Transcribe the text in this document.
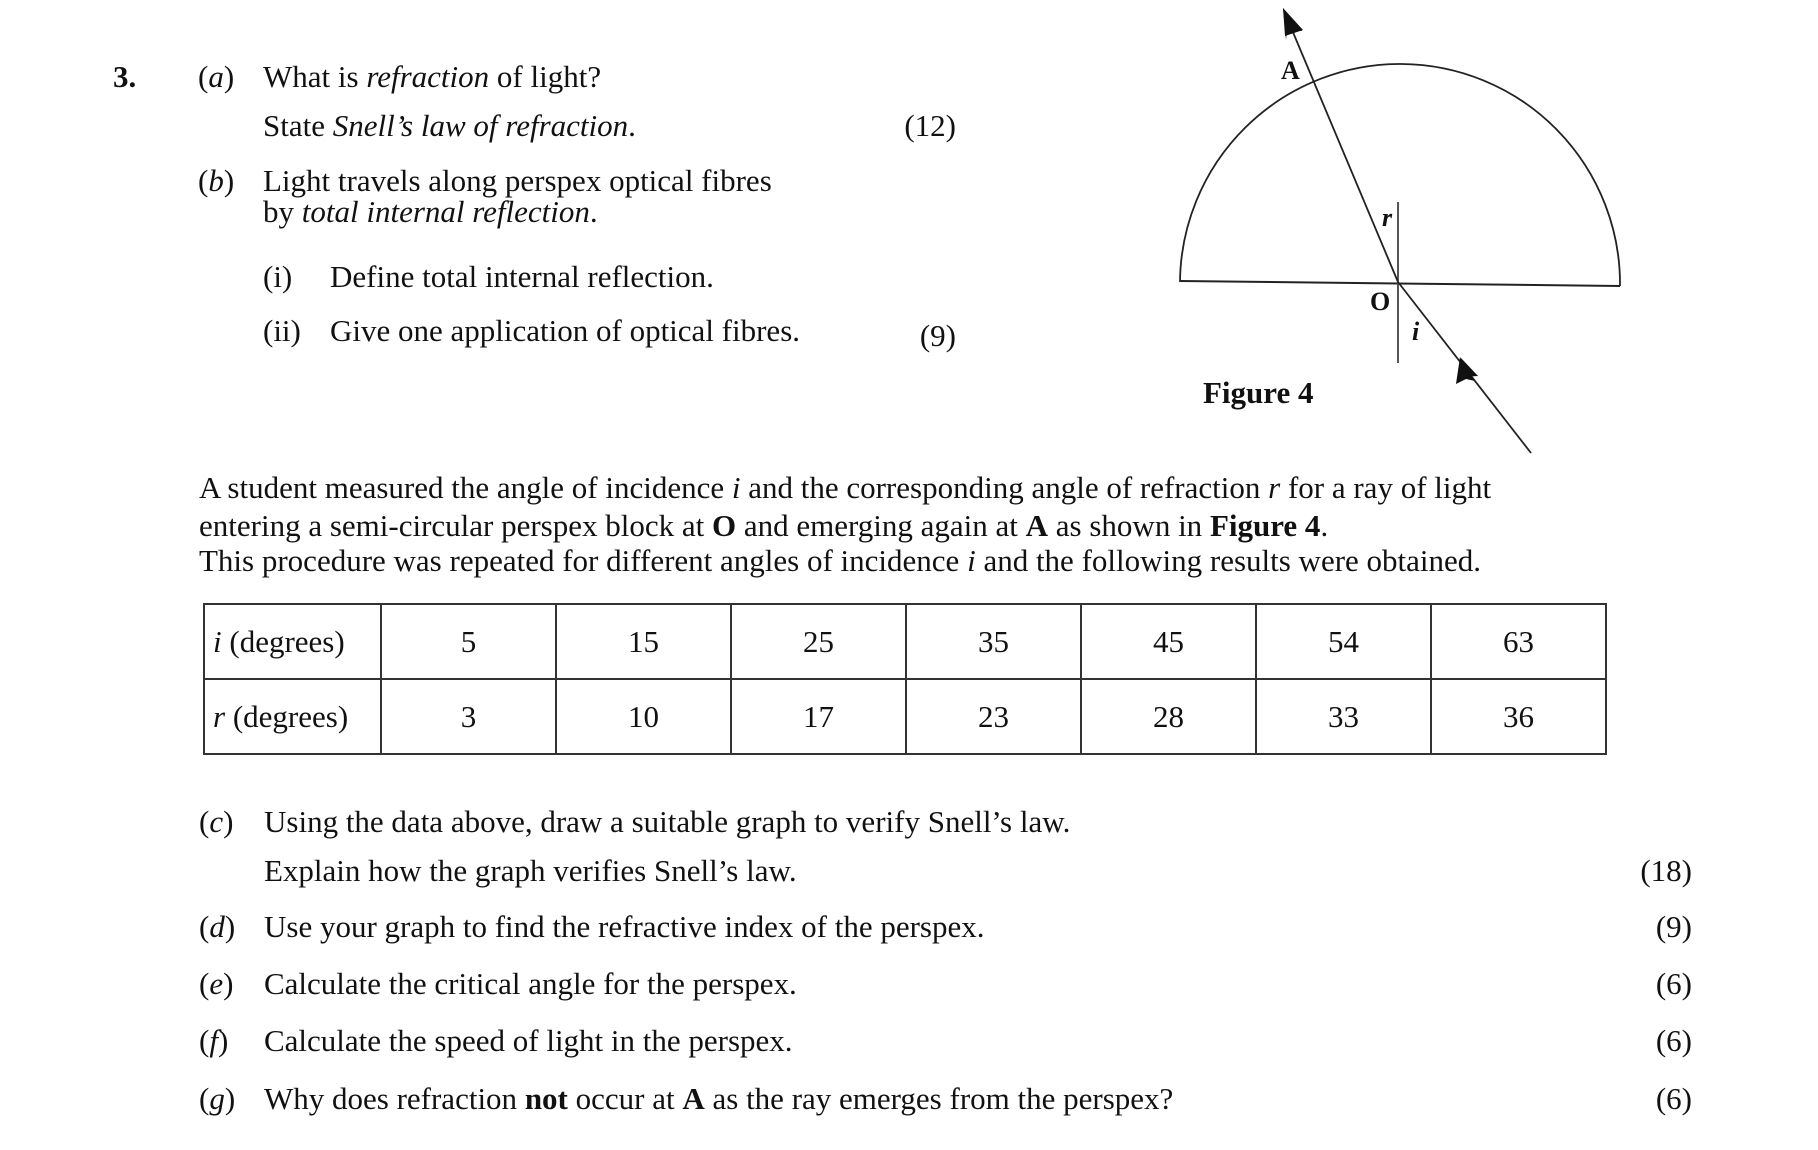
3. (a) What is refraction of light?
State Snell’s law of refraction.	(12)
(b) Light travels along perspex optical fibres
by total internal reflection.
(i) Define total internal reflection.
(ii) Give one application of optical fibres.	(9)
A
r
O
i
Figure 4
A student measured the angle of incidence i and the corresponding angle of refraction r for a ray of light
entering a semi-circular perspex block at O and emerging again at A as shown in Figure 4.
This procedure was repeated for different angles of incidence i and the following results were obtained.
i (degrees)	5	15	25	35	45	54	63
r (degrees)	3	10	17	23	28	33	36
(c) Using the data above, draw a suitable graph to verify Snell’s law.
Explain how the graph verifies Snell’s law.	(18)
(d) Use your graph to find the refractive index of the perspex.	(9)
(e) Calculate the critical angle for the perspex.	(6)
(f) Calculate the speed of light in the perspex.	(6)
(g) Why does refraction not occur at A as the ray emerges from the perspex?	(6)
